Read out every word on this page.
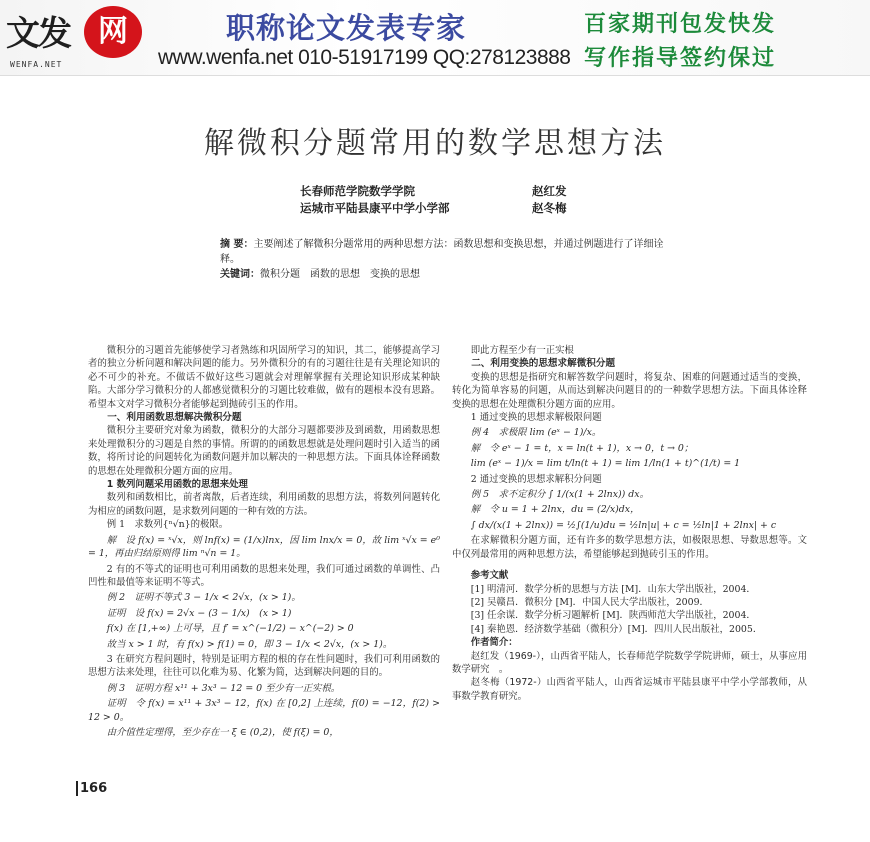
文发 网
WENFA.NET
职称论文发表专家
www.wenfa.net 010-51917199 QQ:278123888
百家期刊包发快发
写作指导签约保过
解微积分题常用的数学思想方法
长春师范学院数学学院	赵红发
运城市平陆县康平中学小学部	赵冬梅
摘 要：主要阐述了解微积分题常用的两种思想方法：函数思想和变换思想，并通过例题进行了详细诠释。
关键词：微积分题　函数的思想　变换的思想

微积分的习题首先能够使学习者熟练和巩固所学习的知识，其二，能够提高学习者的独立分析问题和解决问题的能力。另外微积分的有的习题往往是有关理论知识的必不可少的补充。不做话不做好这些习题就会对理解掌握有关理论知识形成某种缺陷。大部分学习微积分的人都感觉微积分的习题比较难做，做有的题根本没有思路。希望本文对学习微积分者能够起到抛砖引玉的作用。

一、利用函数思想解决微积分题

微积分主要研究对象为函数，微积分的大部分习题都要涉及到函数，用函数思想来处理微积分的习题是自然的事情。所谓的的函数思想就是处理问题时引入适当的函数，将所讨论的问题转化为函数问题并加以解决的一种思想方法。下面具体诠释函数的思想在处理微积分题方面的应用。

1 数列问题采用函数的思想来处理

数列和函数相比，前者离散，后者连续，利用函数的思想方法，将数列问题转化为相应的函数问题，是求数列问题的一种有效的方法。

例 1　求数列{ⁿ√n}的极限。

解　设 f(x) = ˣ√x，则 lnf(x) = (1/x)lnx，因 lim lnx/x = 0，故 lim ˣ√x = e⁰ = 1，再由归结原则得 lim ⁿ√n = 1。

2 有的不等式的证明也可利用函数的思想来处理，我们可通过函数的单调性、凸凹性和最值等来证明不等式。

例 2　证明不等式 3 − 1/x < 2√x，(x > 1)。

证明　设 f(x) = 2√x − (3 − 1/x)　(x > 1)

f(x) 在 [1,+∞) 上可导，且 f′ = x^(−1/2) − x^(−2) > 0

故当 x > 1 时，有 f(x) > f(1) = 0，即 3 − 1/x < 2√x，(x > 1)。

3 在研究方程问题时，特别是证明方程的根的存在性问题时，我们可利用函数的思想方法来处理，往往可以化难为易、化繁为简，达到解决问题的目的。

例 3　证明方程 x¹¹ + 3x³ − 12 = 0 至少有一正实根。

证明　令 f(x) = x¹¹ + 3x³ − 12，f(x) 在 [0,2] 上连续，f(0) = −12，f(2) > 12 > 0。

由介值性定理得，至少存在一 ξ ∈ (0,2)，使 f(ξ) = 0，

即此方程至少有一正实根

二、利用变换的思想求解微积分题

变换的思想是指研究和解答数学问题时，将复杂、困难的问题通过适当的变换，转化为简单容易的问题，从而达到解决问题目的的一种数学思想方法。下面具体诠释变换的思想在处理微积分题方面的应用。

1 通过变换的思想求解极限问题

例 4　求极限 lim (eˣ − 1)/x。

解　令 eˣ − 1 = t，x = ln(t + 1)，x → 0，t → 0；

lim (eˣ − 1)/x = lim t/ln(t + 1) = lim 1/ln(1 + t)^(1/t) = 1

2 通过变换的思想求解积分问题

例 5　求不定积分 ∫ 1/(x(1 + 2lnx)) dx。

解　令 u = 1 + 2lnx，du = (2/x)dx，

∫ dx/(x(1 + 2lnx)) = ½∫(1/u)du = ½ln|u| + c = ½ln|1 + 2lnx| + c

在求解微积分题方面，还有许多的数学思想方法，如极限思想、导数思想等。文中仅列最常用的两种思想方法，希望能够起到抛砖引玉的作用。

参考文献

[1] 明清河．数学分析的思想与方法 [M]．山东大学出版社，2004．

[2] 吴赣昌．微积分 [M]．中国人民大学出版社，2009．

[3] 任余谋．数学分析习题解析 [M]．陕西师范大学出版社，2004．

[4] 秦艳恩．经济数学基础（微积分）[M]．四川人民出版社，2005．

作者简介：

赵红发（1969-），山西省平陆人，长春师范学院数学学院讲师，硕士，从事应用数学研究　。

赵冬梅（1972-）山西省平陆人，山西省运城市平陆县康平中学小学部教师，从事数学教育研究。

166
